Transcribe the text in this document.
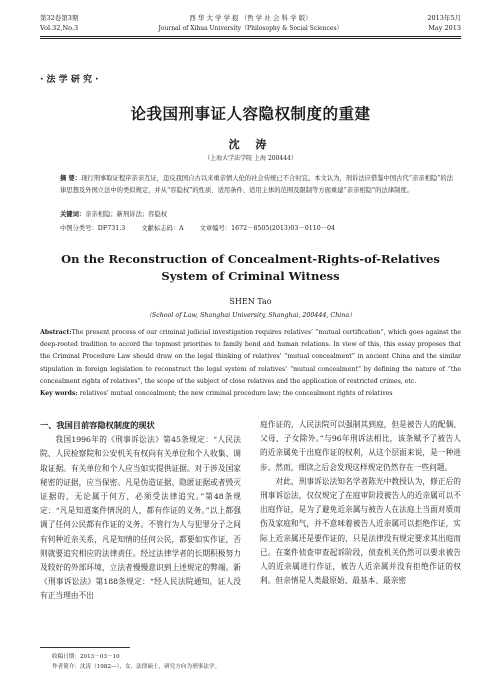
第32卷第3期
Vol.32,No.3
西 华 大 学 学 报 （哲 学 社 会 科 学 版）
Journal of Xihua University（Philosophy & Social Sciences）
2013年5月
May 2013
· 法 学 研 究 ·
论我国刑事证人容隐权制度的重建
沈 涛
（上海大学法学院 上海 200444）
摘 要：现行刑事取证程序亲亲互证，违反我国自古以来重亲情人伦的社会传统已不合时宜。本文认为，刑诉法应借鉴中国古代“亲亲相隐”的法律思想及外国立法中的类似规定，并从“容隐权”的性质、适用条件、适用主体的范围及限制等方面重建“亲亲相隐”的法律制度。
关键词：亲亲相隐；新刑诉法；容隐权
中图分类号：DF731.3	文献标志码：A	文章编号：1672－8505(2013)03－0110－04
On the Reconstruction of Concealment-Rights-of-Relatives
System of Criminal Witness
SHEN Tao
（School of Law, Shanghai University, Shanghai, 200444, China）
Abstract:The present process of our criminal judicial investigation requires relatives’ “mutual certification”, which goes against the deep-rooted tradition to accord the topmost priorities to family bond and human relations. In view of this, this essay proposes that the Criminal Procedure Law should draw on the legal thinking of relatives’ “mutual concealment” in ancient China and the similar stipulation in foreign legislation to reconstruct the legal system of relatives’ “mutual concealment” by defining the nature of “the concealment rights of relatives”, the scope of the subject of close relatives and the application of restricted crimes, etc.
Key words: relatives’ mutual concealment; the new criminal procedure law; the concealment rights of relatives
一、我国目前容隐权制度的现状

我国1996年的《刑事诉讼法》第45条规定：“人民法院、人民检察院和公安机关有权向有关单位和个人收集、调取证据。有关单位和个人应当如实提供证据。对于涉及国家秘密的证据，应当保密。凡是伪造证据、隐匿证据或者毁灭证据的，无论属于何方，必须受法律追究。”第48条规定：“凡是知道案件情况的人，都有作证的义务。”以上都强调了任何公民都有作证的义务。不管行为人与犯罪分子之间有何种近亲关系，凡是知情的任何公民，都要如实作证，否则就要追究相应的法律责任。经过法律学者的长期积极努力及较好的外部环境，立法者慢慢意识到上述规定的弊端。新《刑事诉讼法》第188条规定：“经人民法院通知，证人没有正当理由不出

庭作证的，人民法院可以强制其到庭，但是被告人的配偶、父母、子女除外。”与96年刑诉法相比，该条赋予了被告人的近亲属免于出庭作证的权利，从这个层面来说，是一种进步。然而，细读之后会发现这样规定仍然存在一些问题。

对此，刑事诉讼法知名学者陈光中教授认为，修正后的刑事诉讼法，仅仅规定了在庭审阶段被告人的近亲属可以不出庭作证，是为了避免近亲属与被告人在法庭上当面对质而伤及家庭和气，并不意味着被告人近亲属可以拒绝作证，实际上近亲属还是要作证的，只是法律没有规定要求其出庭而已。在案件侦查审查起诉阶段，侦查机关仍然可以要求被告人的近亲属进行作证，被告人近亲属并没有拒绝作证的权利。但亲情是人类最原始、最基本、最亲密

收稿日期：2013－03－10
作者简介：沈涛（1982—），女，法律硕士，研究方向为刑事法学。
